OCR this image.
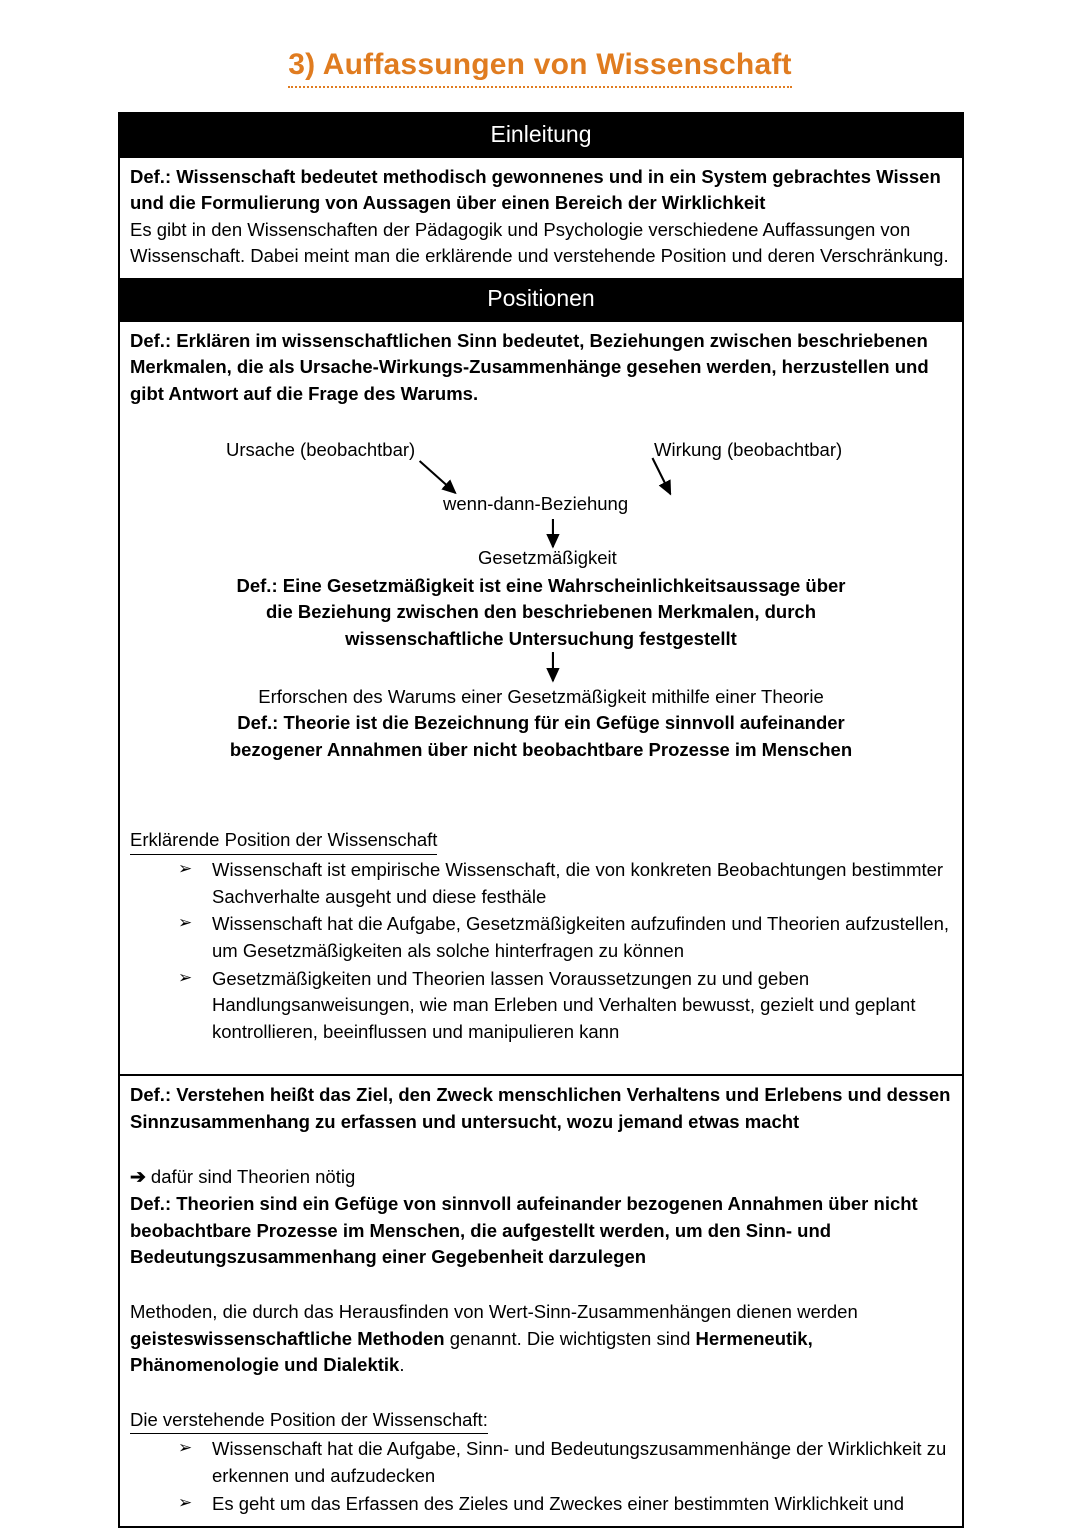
3) Auffassungen von Wissenschaft
Einleitung

Def.: Wissenschaft bedeutet methodisch gewonnenes und in ein System gebrachtes Wissen und die Formulierung von Aussagen über einen Bereich der Wirklichkeit

Es gibt in den Wissenschaften der Pädagogik und Psychologie verschiedene Auffassungen von Wissenschaft. Dabei meint man die erklärende und verstehende Position und deren Verschränkung.

Positionen

Def.: Erklären im wissenschaftlichen Sinn bedeutet, Beziehungen zwischen beschriebenen Merkmalen, die als Ursache-Wirkungs-Zusammenhänge gesehen werden, herzustellen und gibt Antwort auf die Frage des Warums.

Ursache (beobachtbar)	Wirkung (beobachtbar)
wenn-dann-Beziehung
Gesetzmäßigkeit

Def.: Eine Gesetzmäßigkeit ist eine Wahrscheinlichkeitsaussage über

die Beziehung zwischen den beschriebenen Merkmalen, durch

wissenschaftliche Untersuchung festgestellt

Erforschen des Warums einer Gesetzmäßigkeit mithilfe einer Theorie

Def.: Theorie ist die Bezeichnung für ein Gefüge sinnvoll aufeinander

bezogener Annahmen über nicht beobachtbare Prozesse im Menschen

Erklärende Position der Wissenschaft
➢ Wissenschaft ist empirische Wissenschaft, die von konkreten Beobachtungen bestimmter Sachverhalte ausgeht und diese festhäle
➢ Wissenschaft hat die Aufgabe, Gesetzmäßigkeiten aufzufinden und Theorien aufzustellen, um Gesetzmäßigkeiten als solche hinterfragen zu können
➢ Gesetzmäßigkeiten und Theorien lassen Voraussetzungen zu und geben Handlungsanweisungen, wie man Erleben und Verhalten bewusst, gezielt und geplant kontrollieren, beeinflussen und manipulieren kann

Def.: Verstehen heißt das Ziel, den Zweck menschlichen Verhaltens und Erlebens und dessen Sinnzusammenhang zu erfassen und untersucht, wozu jemand etwas macht

➔ dafür sind Theorien nötig

Def.: Theorien sind ein Gefüge von sinnvoll aufeinander bezogenen Annahmen über nicht beobachtbare Prozesse im Menschen, die aufgestellt werden, um den Sinn- und Bedeutungszusammenhang einer Gegebenheit darzulegen

Methoden, die durch das Herausfinden von Wert-Sinn-Zusammenhängen dienen werden geisteswissenschaftliche Methoden genannt. Die wichtigsten sind Hermeneutik, Phänomenologie und Dialektik.

Die verstehende Position der Wissenschaft:
➢ Wissenschaft hat die Aufgabe, Sinn- und Bedeutungszusammenhänge der Wirklichkeit zu erkennen und aufzudecken
➢ Es geht um das Erfassen des Zieles und Zweckes einer bestimmten Wirklichkeit und
